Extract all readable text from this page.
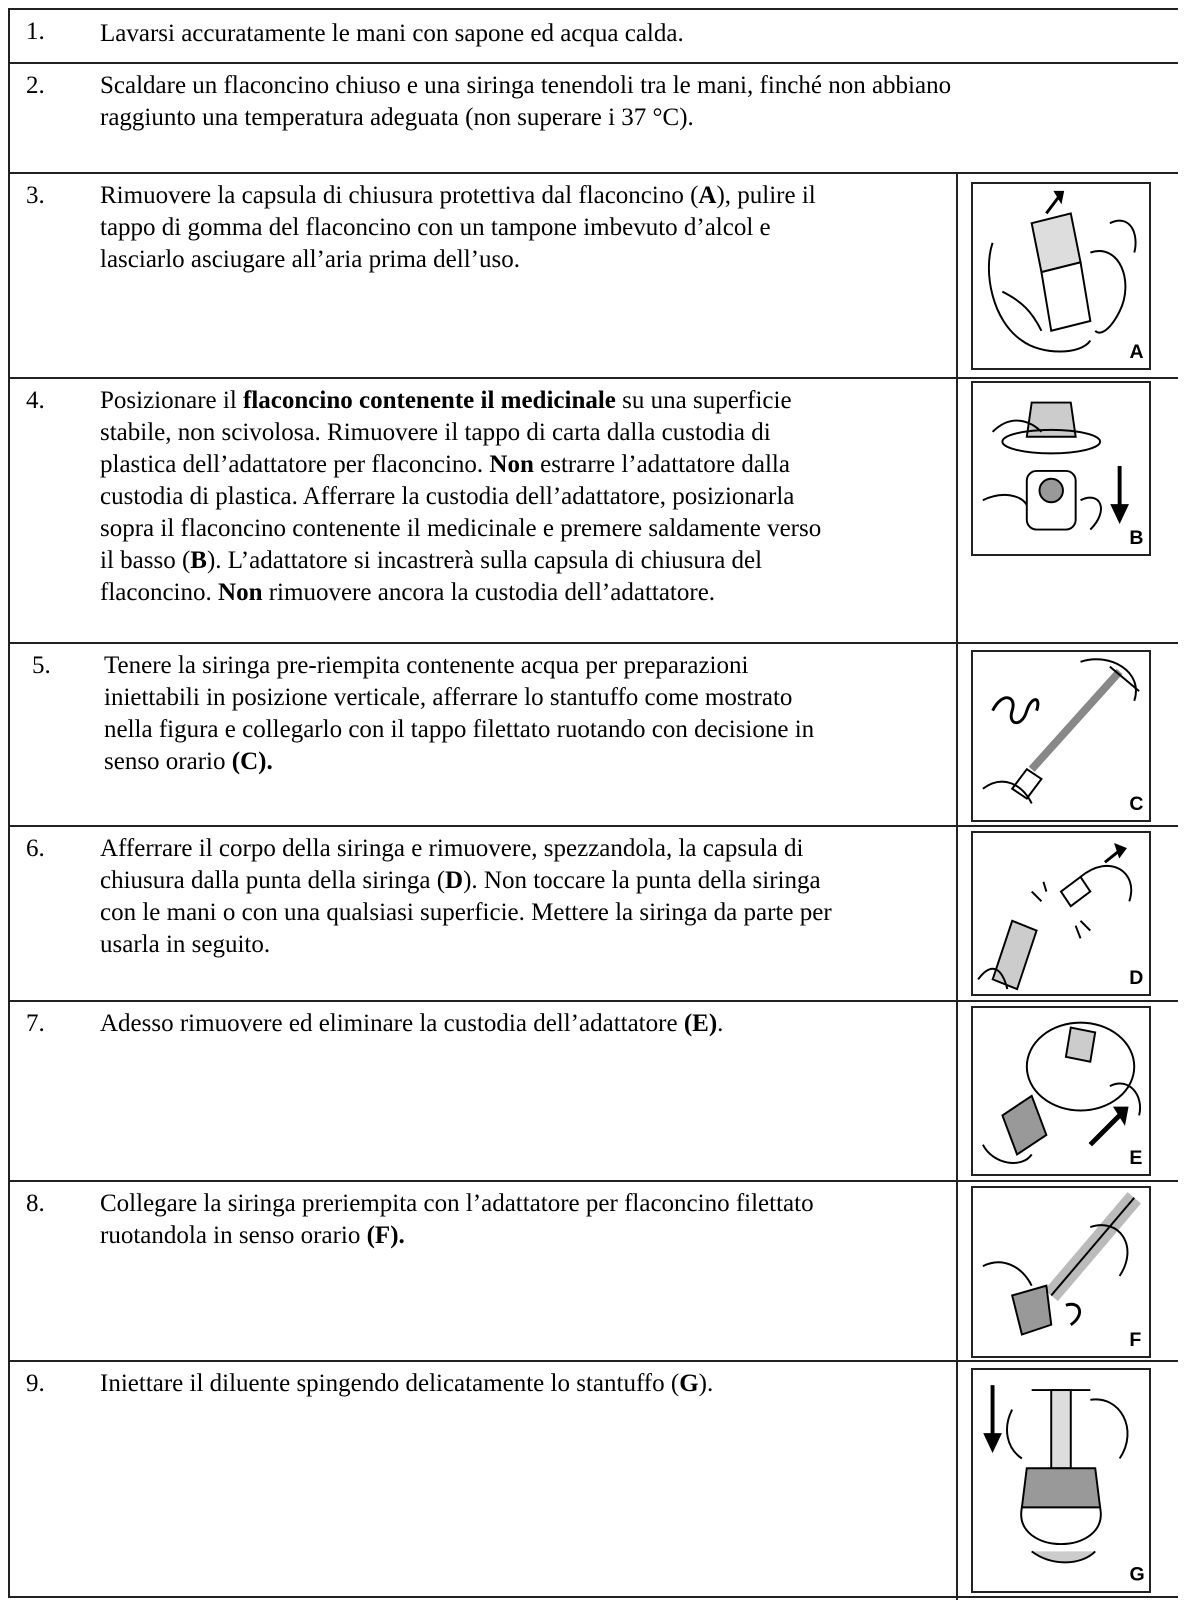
1. Lavarsi accuratamente le mani con sapone ed acqua calda.
2. Scaldare un flaconcino chiuso e una siringa tenendoli tra le mani, finché non abbiano
raggiunto una temperatura adeguata (non superare i 37 °C).
3. Rimuovere la capsula di chiusura protettiva dal flaconcino (A), pulire il
tappo di gomma del flaconcino con un tampone imbevuto d’alcol e
lasciarlo asciugare all’aria prima dell’uso.
A
4. Posizionare il flaconcino contenente il medicinale su una superficie
stabile, non scivolosa. Rimuovere il tappo di carta dalla custodia di
plastica dell’adattatore per flaconcino. Non estrarre l’adattatore dalla
custodia di plastica. Afferrare la custodia dell’adattatore, posizionarla
sopra il flaconcino contenente il medicinale e premere saldamente verso
il basso (B). L’adattatore si incastrerà sulla capsula di chiusura del
flaconcino. Non rimuovere ancora la custodia dell’adattatore.
B
5. Tenere la siringa pre-riempita contenente acqua per preparazioni
iniettabili in posizione verticale, afferrare lo stantuffo come mostrato
nella figura e collegarlo con il tappo filettato ruotando con decisione in
senso orario (C).
C
6. Afferrare il corpo della siringa e rimuovere, spezzandola, la capsula di
chiusura dalla punta della siringa (D). Non toccare la punta della siringa
con le mani o con una qualsiasi superficie. Mettere la siringa da parte per
usarla in seguito.
D
7. Adesso rimuovere ed eliminare la custodia dell’adattatore (E).
E
8. Collegare la siringa preriempita con l’adattatore per flaconcino filettato
ruotandola in senso orario (F).
F
9. Iniettare il diluente spingendo delicatamente lo stantuffo (G).
G
